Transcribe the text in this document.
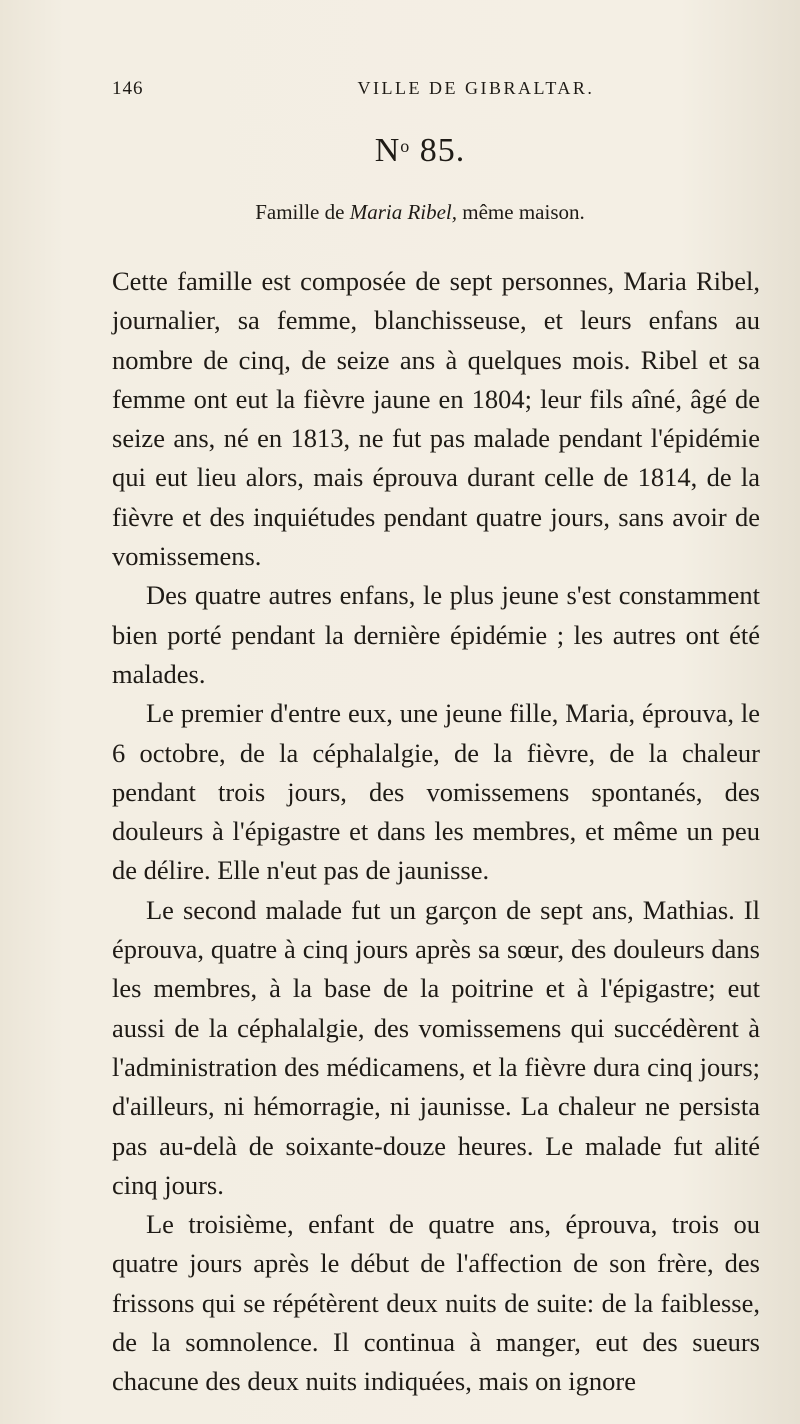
146	VILLE DE GIBRALTAR.
$N^o$ 85.
Famille de Maria Ribel, même maison.

Cette famille est composée de sept personnes, Maria Ribel, journalier, sa femme, blanchisseuse, et leurs enfans au nombre de cinq, de seize ans à quelques mois. Ribel et sa femme ont eut la fièvre jaune en 1804; leur fils aîné, âgé de seize ans, né en 1813, ne fut pas malade pendant l'épidémie qui eut lieu alors, mais éprouva durant celle de 1814, de la fièvre et des inquiétudes pendant quatre jours, sans avoir de vomissemens.

Des quatre autres enfans, le plus jeune s'est constamment bien porté pendant la dernière épidémie ; les autres ont été malades.

Le premier d'entre eux, une jeune fille, Maria, éprouva, le 6 octobre, de la céphalalgie, de la fièvre, de la chaleur pendant trois jours, des vomissemens spontanés, des douleurs à l'épigastre et dans les membres, et même un peu de délire. Elle n'eut pas de jaunisse.

Le second malade fut un garçon de sept ans, Mathias. Il éprouva, quatre à cinq jours après sa sœur, des douleurs dans les membres, à la base de la poitrine et à l'épigastre; eut aussi de la céphalalgie, des vomissemens qui succédèrent à l'administration des médicamens, et la fièvre dura cinq jours; d'ailleurs, ni hémorragie, ni jaunisse. La chaleur ne persista pas au-delà de soixante-douze heures. Le malade fut alité cinq jours.

Le troisième, enfant de quatre ans, éprouva, trois ou quatre jours après le début de l'affection de son frère, des frissons qui se répétèrent deux nuits de suite: de la faiblesse, de la somnolence. Il continua à manger, eut des sueurs chacune des deux nuits indiquées, mais on ignore
